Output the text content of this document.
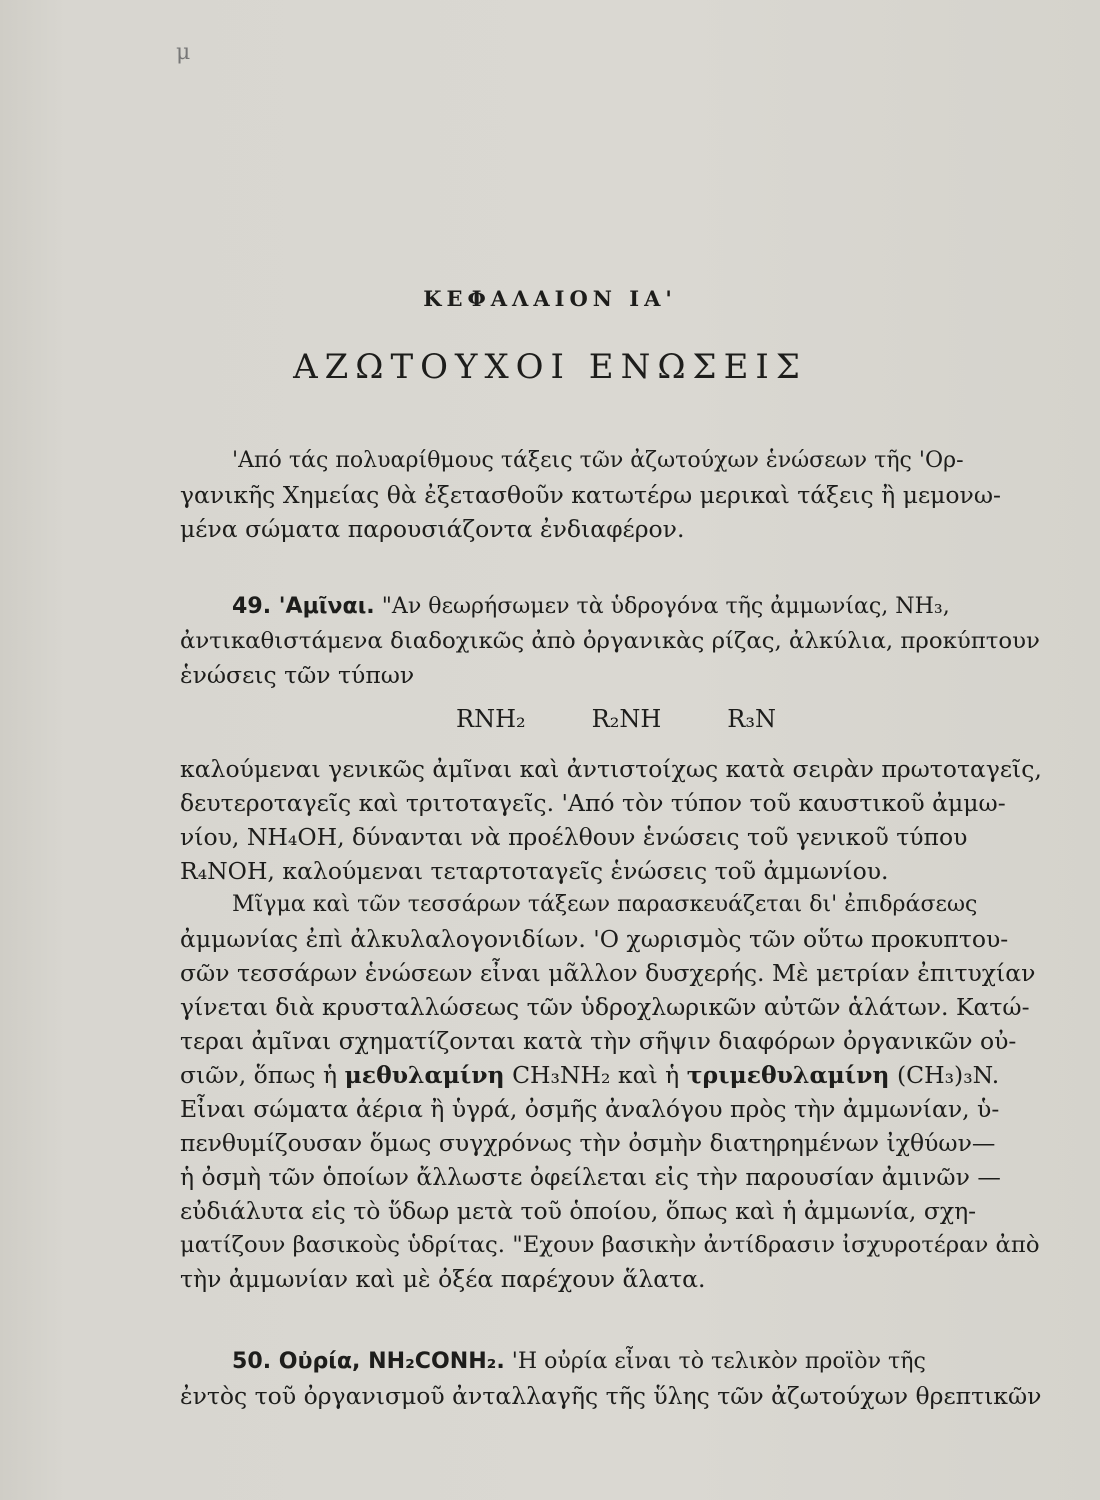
μ
ΚΕΦΑΛΑΙΟΝ ΙΑ'
ΑΖΩΤΟΥΧΟΙ ΕΝΩΣΕΙΣ
'Από τάς πολυαρίθμους τάξεις τῶν ἀζωτούχων ἑνώσεων τῆς 'Ορ-
γανικῆς Χημείας θὰ ἐξετασθοῦν κατωτέρω μερικαὶ τάξεις ἢ μεμονω-
μένα σώματα παρουσιάζοντα ἐνδιαφέρον.
49. 'Αμῖναι. "Αν θεωρήσωμεν τὰ ὑδρογόνα τῆς ἀμμωνίας, NH₃,
ἀντικαθιστάμενα διαδοχικῶς ἀπὸ ὀργανικὰς ρίζας, ἀλκύλια, προκύπτουν
ἑνώσεις τῶν τύπων
RNH₂	R₂NH	R₃N
καλούμεναι γενικῶς ἀμῖναι καὶ ἀντιστοίχως κατὰ σειρὰν πρωτοταγεῖς,
δευτεροταγεῖς καὶ τριτοταγεῖς. 'Από τὸν τύπον τοῦ καυστικοῦ ἀμμω-
νίου, NH₄OH, δύνανται νὰ προέλθουν ἑνώσεις τοῦ γενικοῦ τύπου
R₄NOH, καλούμεναι τεταρτοταγεῖς ἑνώσεις τοῦ ἀμμωνίου.
Μῖγμα καὶ τῶν τεσσάρων τάξεων παρασκευάζεται δι' ἐπιδράσεως
ἀμμωνίας ἐπὶ ἀλκυλαλογονιδίων. 'Ο χωρισμὸς τῶν οὕτω προκυπτου-
σῶν τεσσάρων ἑνώσεων εἶναι μᾶλλον δυσχερής. Μὲ μετρίαν ἐπιτυχίαν
γίνεται διὰ κρυσταλλώσεως τῶν ὑδροχλωρικῶν αὐτῶν ἁλάτων. Κατώ-
τεραι ἀμῖναι σχηματίζονται κατὰ τὴν σῆψιν διαφόρων ὀργανικῶν οὐ-
σιῶν, ὅπως ἡ μεθυλαμίνη CH₃NH₂ καὶ ἡ τριμεθυλαμίνη (CH₃)₃N.
Εἶναι σώματα ἀέρια ἢ ὑγρά, ὀσμῆς ἀναλόγου πρὸς τὴν ἀμμωνίαν, ὑ-
πενθυμίζουσαν ὅμως συγχρόνως τὴν ὀσμὴν διατηρημένων ἰχθύων—
ἡ ὀσμὴ τῶν ὁποίων ἄλλωστε ὀφείλεται εἰς τὴν παρουσίαν ἀμινῶν —
εὐδιάλυτα εἰς τὸ ὕδωρ μετὰ τοῦ ὁποίου, ὅπως καὶ ἡ ἀμμωνία, σχη-
ματίζουν βασικοὺς ὑδρίτας. "Εχουν βασικὴν ἀντίδρασιν ἰσχυροτέραν ἀπὸ
τὴν ἀμμωνίαν καὶ μὲ ὀξέα παρέχουν ἅλατα.
50. Οὐρία, NH₂CONH₂. 'Η οὐρία εἶναι τὸ τελικὸν προϊὸν τῆς
ἐντὸς τοῦ ὀργανισμοῦ ἀνταλλαγῆς τῆς ὕλης τῶν ἀζωτούχων θρεπτικῶν
